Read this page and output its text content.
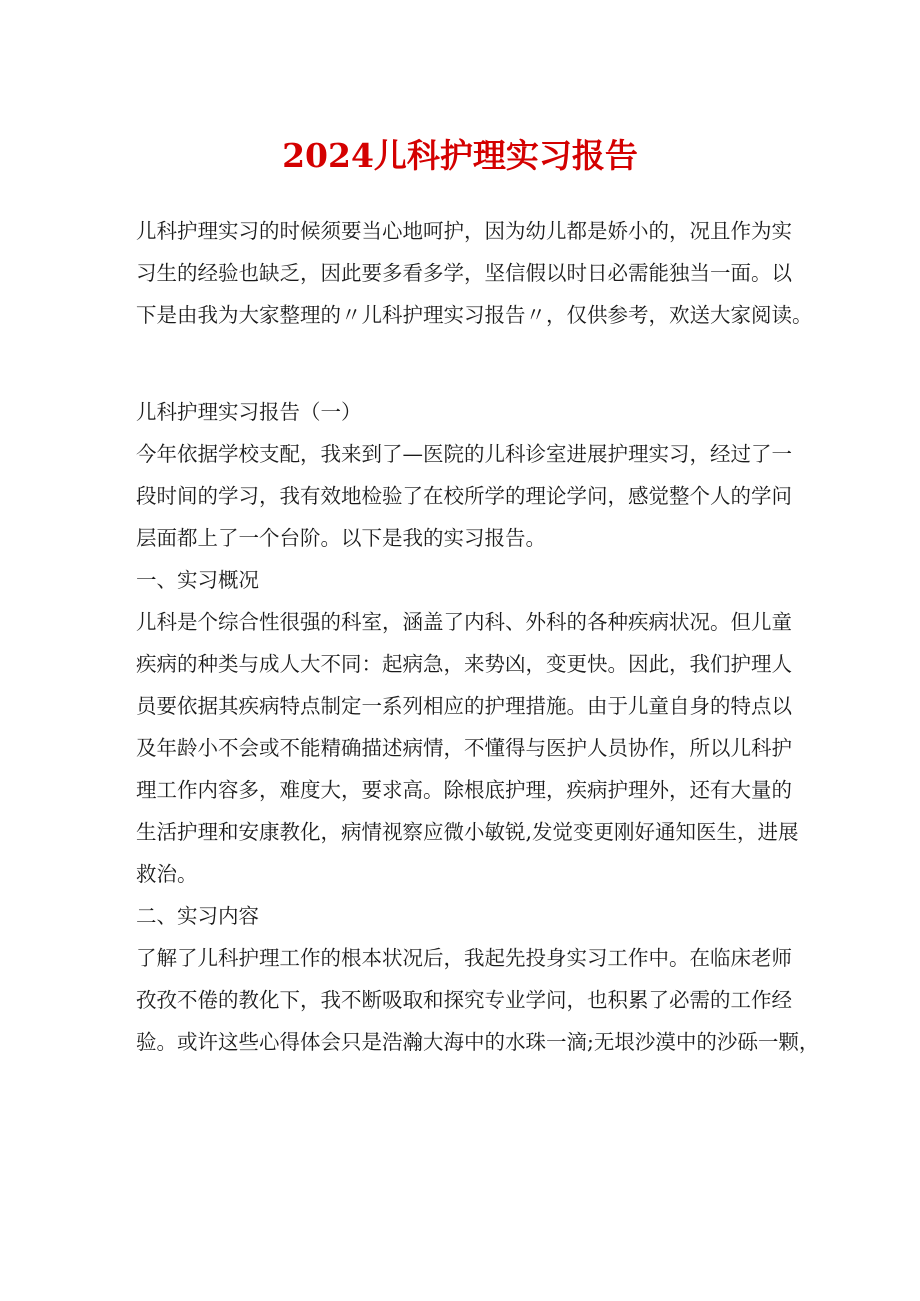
2024儿科护理实习报告
儿科护理实习的时候须要当心地呵护，因为幼儿都是娇小的，况且作为实
习生的经验也缺乏，因此要多看多学，坚信假以时日必需能独当一面。以
下是由我为大家整理的〃儿科护理实习报告〃，仅供参考，欢送大家阅读。
儿科护理实习报告（一）
今年依据学校支配，我来到了—医院的儿科诊室进展护理实习，经过了一
段时间的学习，我有效地检验了在校所学的理论学问，感觉整个人的学问
层面都上了一个台阶。以下是我的实习报告。
一、实习概况
儿科是个综合性很强的科室，涵盖了内科、外科的各种疾病状况。但儿童
疾病的种类与成人大不同：起病急，来势凶，变更快。因此，我们护理人
员要依据其疾病特点制定一系列相应的护理措施。由于儿童自身的特点以
及年龄小不会或不能精确描述病情，不懂得与医护人员协作，所以儿科护
理工作内容多，难度大，要求高。除根底护理，疾病护理外，还有大量的
生活护理和安康教化，病情视察应微小敏锐,发觉变更刚好通知医生，进展
救治。
二、实习内容
了解了儿科护理工作的根本状况后，我起先投身实习工作中。在临床老师
孜孜不倦的教化下，我不断吸取和探究专业学问，也积累了必需的工作经
验。或许这些心得体会只是浩瀚大海中的水珠一滴;无垠沙漠中的沙砾一颗，
